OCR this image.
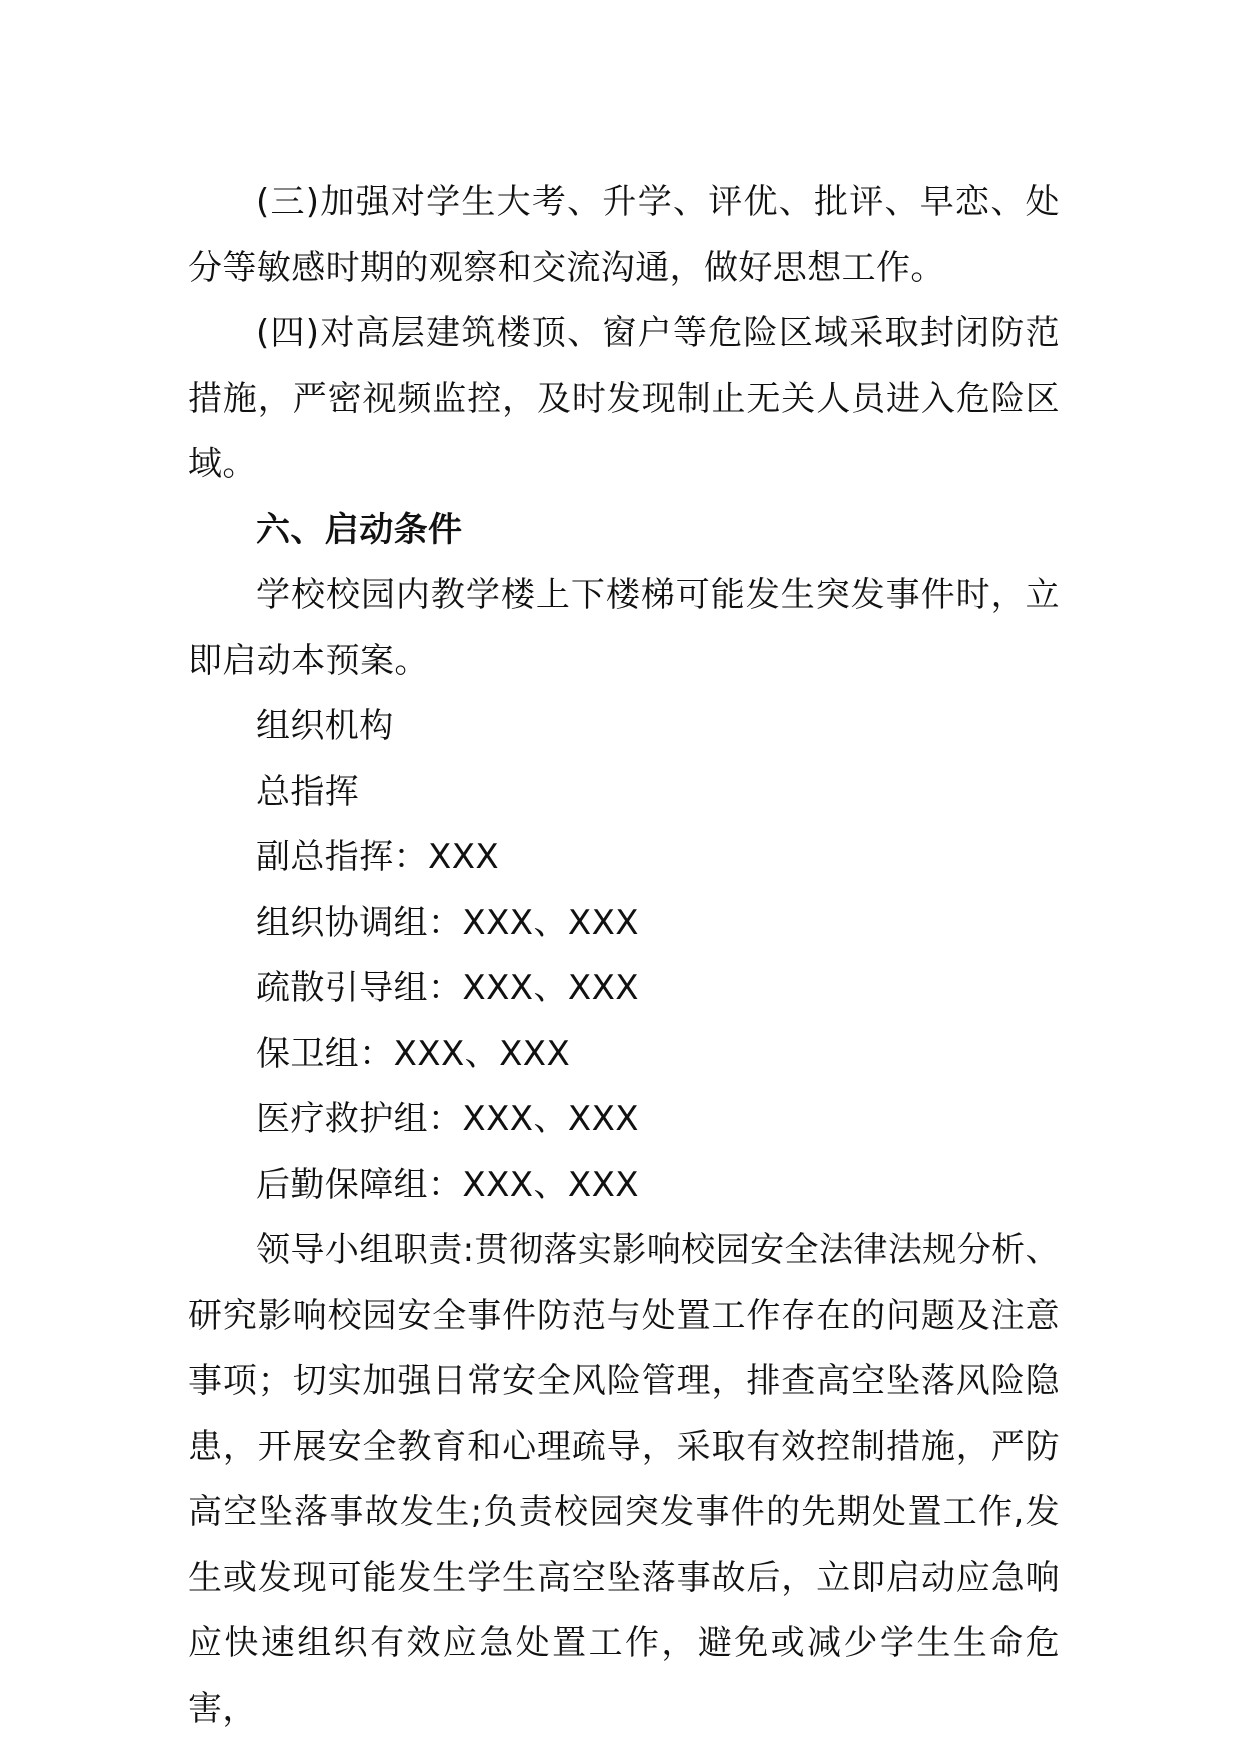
(三)加强对学生大考、升学、评优、批评、早恋、处分等敏感时期的观察和交流沟通，做好思想工作。

(四)对高层建筑楼顶、窗户等危险区域采取封闭防范措施，严密视频监控，及时发现制止无关人员进入危险区域。

六、启动条件

学校校园内教学楼上下楼梯可能发生突发事件时，立即启动本预案。

组织机构

总指挥

副总指挥：XXX

组织协调组：XXX、XXX

疏散引导组：XXX、XXX

保卫组：XXX、XXX

医疗救护组：XXX、XXX

后勤保障组：XXX、XXX

领导小组职责:贯彻落实影响校园安全法律法规分析、研究影响校园安全事件防范与处置工作存在的问题及注意事项；切实加强日常安全风险管理，排查高空坠落风险隐患，开展安全教育和心理疏导，采取有效控制措施，严防高空坠落事故发生;负责校园突发事件的先期处置工作,发生或发现可能发生学生高空坠落事故后，立即启动应急响应快速组织有效应急处置工作，避免或减少学生生命危害，
